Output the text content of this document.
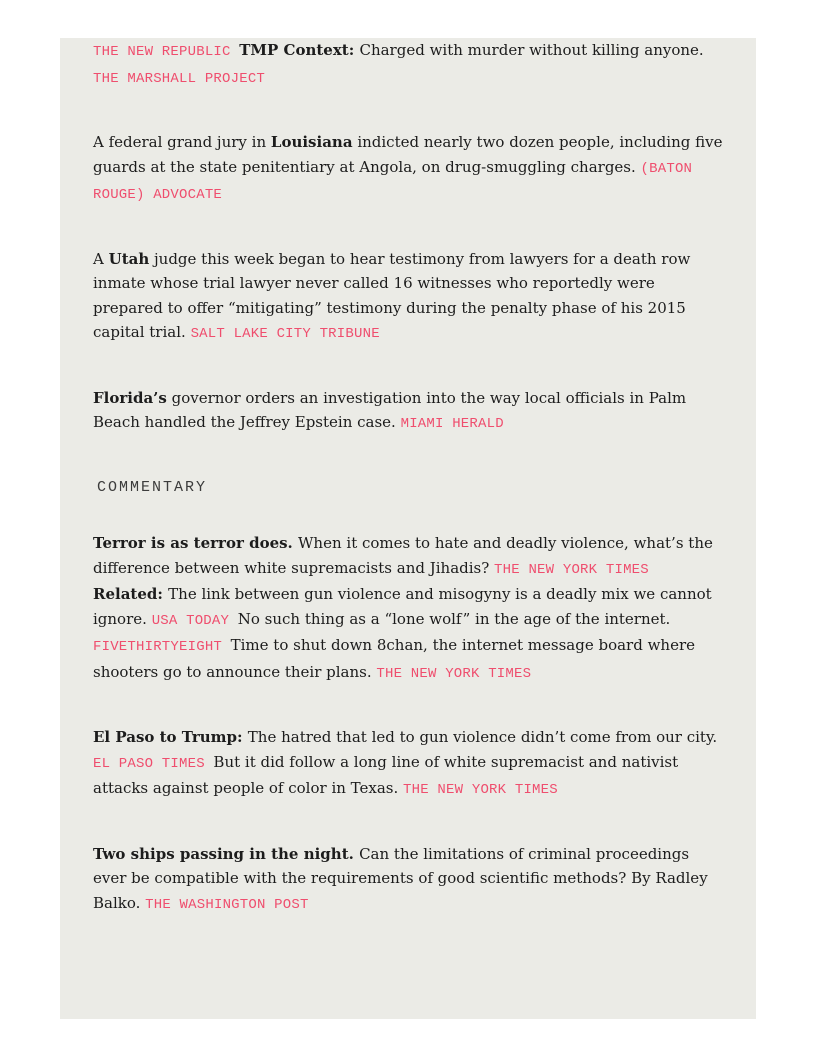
THE NEW REPUBLIC TMP Context: Charged with murder without killing anyone. THE MARSHALL PROJECT

A federal grand jury in Louisiana indicted nearly two dozen people, including five guards at the state penitentiary at Angola, on drug-smuggling charges. (BATON ROUGE) ADVOCATE

A Utah judge this week began to hear testimony from lawyers for a death row inmate whose trial lawyer never called 16 witnesses who reportedly were prepared to offer “mitigating” testimony during the penalty phase of his 2015 capital trial. SALT LAKE CITY TRIBUNE

Florida’s governor orders an investigation into the way local officials in Palm Beach handled the Jeffrey Epstein case. MIAMI HERALD

COMMENTARY

Terror is as terror does. When it comes to hate and deadly violence, what’s the difference between white supremacists and Jihadis? THE NEW YORK TIMES Related: The link between gun violence and misogyny is a deadly mix we cannot ignore. USA TODAY No such thing as a “lone wolf” in the age of the internet. FIVETHIRTYEIGHT Time to shut down 8chan, the internet message board where shooters go to announce their plans. THE NEW YORK TIMES

El Paso to Trump: The hatred that led to gun violence didn’t come from our city. EL PASO TIMES But it did follow a long line of white supremacist and nativist attacks against people of color in Texas. THE NEW YORK TIMES

Two ships passing in the night. Can the limitations of criminal proceedings ever be compatible with the requirements of good scientific methods? By Radley Balko. THE WASHINGTON POST
